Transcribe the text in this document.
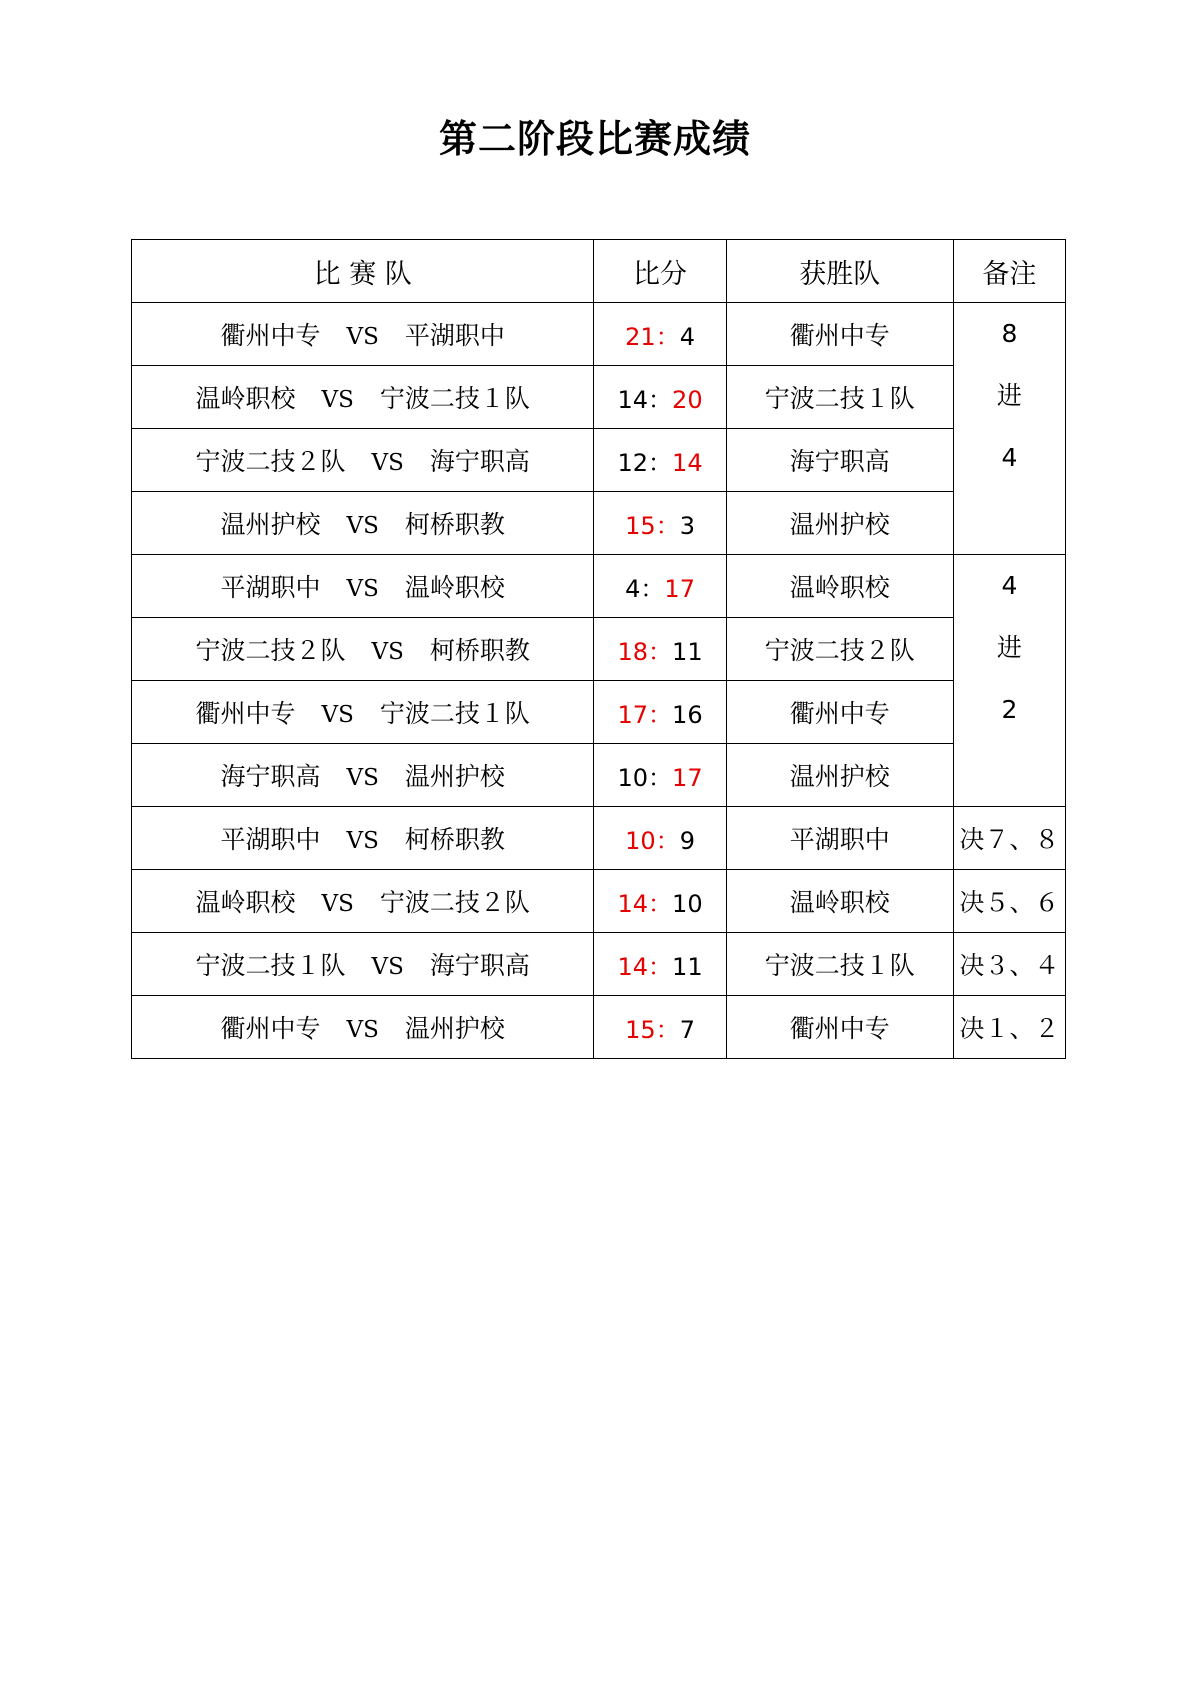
第二阶段比赛成绩
比 赛 队	比分	获胜队	备注
衢州中专 VS 平湖职中	21：4	衢州中专	8
进
4

温岭职校 VS 宁波二技１队	14：20	宁波二技１队	
宁波二技２队 VS 海宁职高	12：14	海宁职高	
温州护校 VS 柯桥职教	15：3	温州护校	
平湖职中 VS 温岭职校	4：17	温岭职校	4
进
2

宁波二技２队 VS 柯桥职教	18：11	宁波二技２队	
衢州中专 VS 宁波二技１队	17：16	衢州中专	
海宁职高 VS 温州护校	10：17	温州护校	
平湖职中 VS 柯桥职教	10：9	平湖职中	决７、８
温岭职校 VS 宁波二技２队	14：10	温岭职校	决５、６
宁波二技１队 VS 海宁职高	14：11	宁波二技１队	决３、４
衢州中专 VS 温州护校	15：7	衢州中专	决１、２
